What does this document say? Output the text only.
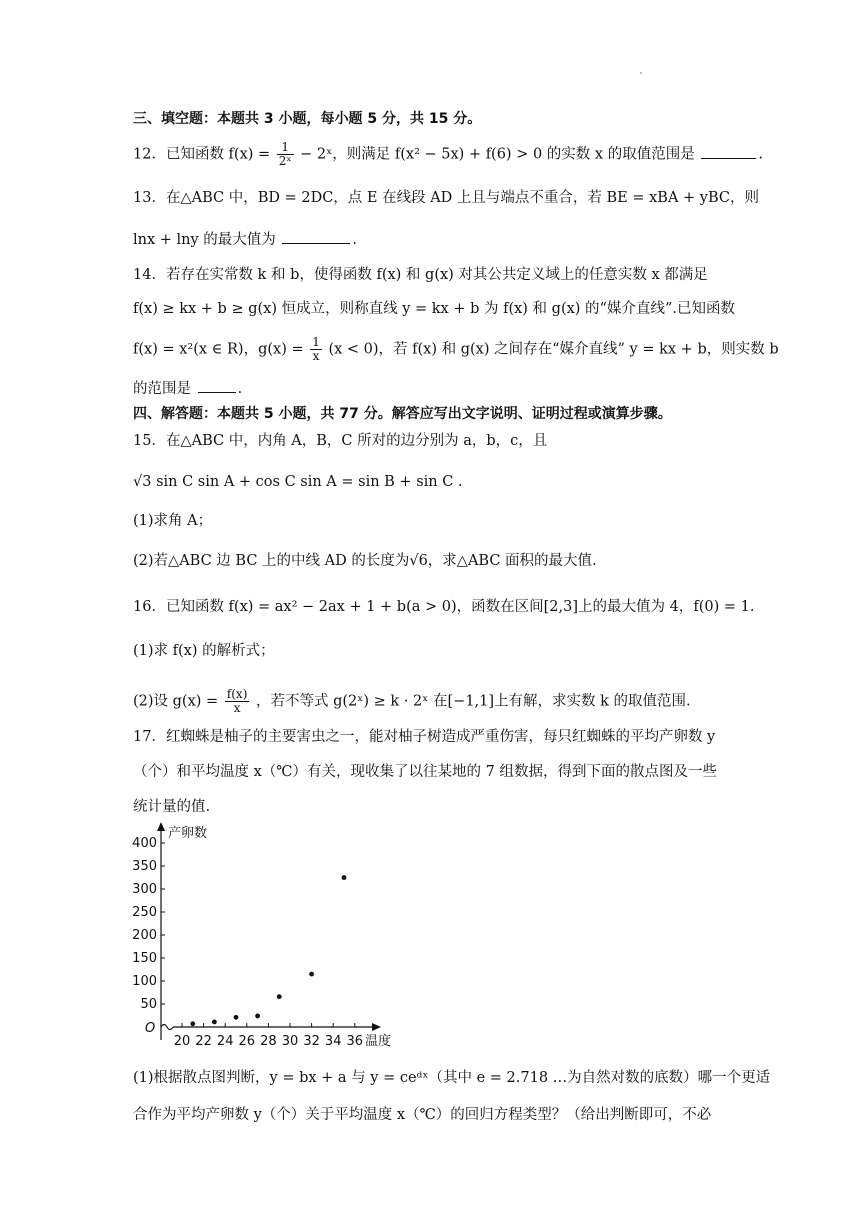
三、填空题：本题共 3 小题，每小题 5 分，共 15 分。
12．已知函数 $f(x) = \frac{1}{\text{2ˣ}}$ − 2ˣ，则满足 f(x² − 5x) + f(6) > 0 的实数 x 的取值范围是	.
13．在△ABC 中，BD = 2DC，点 E 在线段 AD 上且与端点不重合，若 BE = xBA + yBC，则
lnx + lny 的最大值为	.
14．若存在实常数 k 和 b，使得函数 f(x) 和 g(x) 对其公共定义域上的任意实数 x 都满足
f(x) ≥ kx + b ≥ g(x) 恒成立，则称直线 y = kx + b 为 f(x) 和 g(x) 的“媒介直线”.已知函数
f(x) = x²(x ∈ R)，$g(x) = \frac{1}{x} (x < 0)$，若 f(x) 和 g(x) 之间存在“媒介直线” y = kx + b，则实数 b
的范围是	.
四、解答题：本题共 5 小题，共 77 分。解答应写出文字说明、证明过程或演算步骤。
15．在△ABC 中，内角 A，B，C 所对的边分别为 a，b，c，且
√3 sin C sin A + cos C sin A = sin B + sin C .
(1)求角 A；
(2)若△ABC 边 BC 上的中线 AD 的长度为√6，求△ABC 面积的最大值.
16．已知函数 f(x) = ax² − 2ax + 1 + b(a > 0)，函数在区间[2,3]上的最大值为 4，f(0) = 1.
(1)求 f(x) 的解析式；
(2)设 $g(x) = \frac{f(x)}{x}$ ，若不等式 g(2ˣ) ≥ k · 2ˣ 在[−1,1]上有解，求实数 k 的取值范围.
17．红蜘蛛是柚子的主要害虫之一，能对柚子树造成严重伤害，每只红蜘蛛的平均产卵数 y
（个）和平均温度 x（℃）有关，现收集了以往某地的 7 组数据，得到下面的散点图及一些
统计量的值.
产卵数
温度
O
50
100
150
200
250
300
350
400
20 22 24 26 28 30 32 34 36
(1)根据散点图判断，y = bx + a 与 y = ceᵈˣ（其中 e = 2.718 …为自然对数的底数）哪一个更适
合作为平均产卵数 y（个）关于平均温度 x（℃）的回归方程类型？（给出判断即可，不必
